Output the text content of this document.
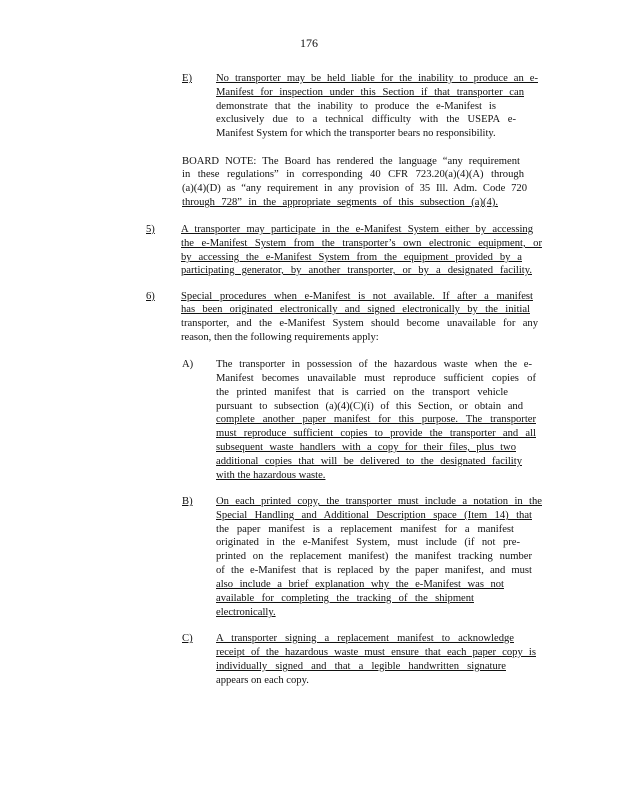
176
E) No transporter may be held liable for the inability to produce an e-
Manifest for inspection under this Section if that transporter can
demonstrate that the inability to produce the e-Manifest is
exclusively due to a technical difficulty with the USEPA e-
Manifest System for which the transporter bears no responsibility.
BOARD NOTE: The Board has rendered the language “any requirement
in these regulations” in corresponding 40 CFR 723.20(a)(4)(A) through
(a)(4)(D) as “any requirement in any provision of 35 Ill. Adm. Code 720
through 728” in the appropriate segments of this subsection (a)(4).
5) A transporter may participate in the e-Manifest System either by accessing
the e-Manifest System from the transporter’s own electronic equipment, or
by accessing the e-Manifest System from the equipment provided by a
participating generator, by another transporter, or by a designated facility.
6) Special procedures when e-Manifest is not available. If after a manifest
has been originated electronically and signed electronically by the initial
transporter, and the e-Manifest System should become unavailable for any
reason, then the following requirements apply:
A) The transporter in possession of the hazardous waste when the e-
Manifest becomes unavailable must reproduce sufficient copies of
the printed manifest that is carried on the transport vehicle
pursuant to subsection (a)(4)(C)(i) of this Section, or obtain and
complete another paper manifest for this purpose. The transporter
must reproduce sufficient copies to provide the transporter and all
subsequent waste handlers with a copy for their files, plus two
additional copies that will be delivered to the designated facility
with the hazardous waste.
B) On each printed copy, the transporter must include a notation in the
Special Handling and Additional Description space (Item 14) that
the paper manifest is a replacement manifest for a manifest
originated in the e-Manifest System, must include (if not pre-
printed on the replacement manifest) the manifest tracking number
of the e-Manifest that is replaced by the paper manifest, and must
also include a brief explanation why the e-Manifest was not
available for completing the tracking of the shipment
electronically.
C) A transporter signing a replacement manifest to acknowledge
receipt of the hazardous waste must ensure that each paper copy is
individually signed and that a legible handwritten signature
appears on each copy.
